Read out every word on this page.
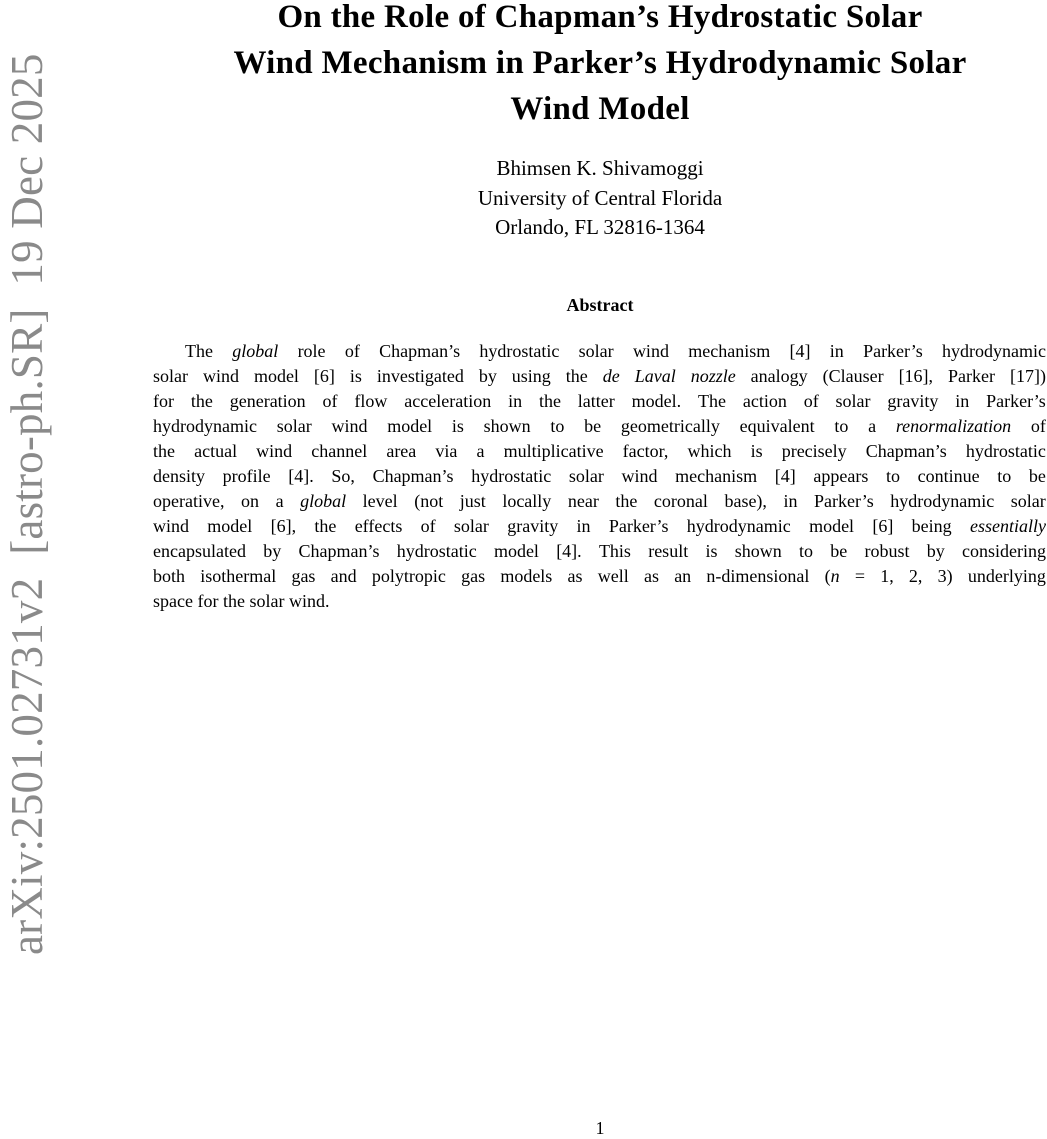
arXiv:2501.02731v2  [astro-ph.SR]  19 Dec 2025
On the Role of Chapman’s Hydrostatic Solar
Wind Mechanism in Parker’s Hydrodynamic Solar
Wind Model
Bhimsen K. Shivamoggi
University of Central Florida
Orlando, FL 32816-1364
Abstract
The global role of Chapman’s hydrostatic solar wind mechanism [4] in Parker’s hydrodynamic
solar wind model [6] is investigated by using the de Laval nozzle analogy (Clauser [16], Parker [17])
for the generation of flow acceleration in the latter model. The action of solar gravity in Parker’s
hydrodynamic solar wind model is shown to be geometrically equivalent to a renormalization of
the actual wind channel area via a multiplicative factor, which is precisely Chapman’s hydrostatic
density profile [4]. So, Chapman’s hydrostatic solar wind mechanism [4] appears to continue to be
operative, on a global level (not just locally near the coronal base), in Parker’s hydrodynamic solar
wind model [6], the effects of solar gravity in Parker’s hydrodynamic model [6] being essentially
encapsulated by Chapman’s hydrostatic model [4]. This result is shown to be robust by considering
both isothermal gas and polytropic gas models as well as an n-dimensional (n = 1, 2, 3) underlying
space for the solar wind.
1
